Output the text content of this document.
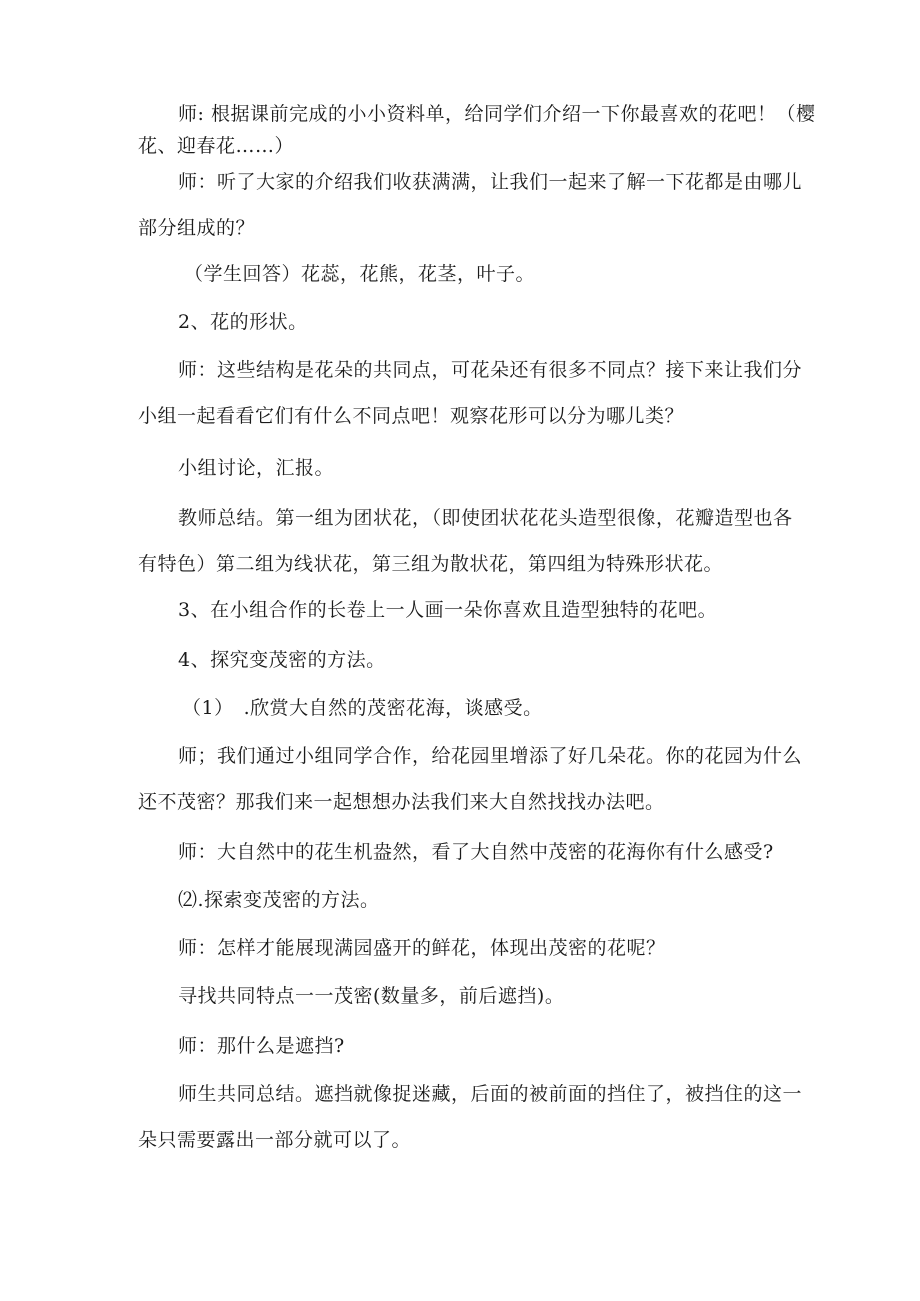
师: 根据课前完成的小小资料单，给同学们介绍一下你最喜欢的花吧！（樱
花、迎春花……）
师：听了大家的介绍我们收获满满，让我们一起来了解一下花都是由哪儿
部分组成的？
（学生回答）花蕊，花熊，花茎，叶子。
2、花的形状。
师：这些结构是花朵的共同点，可花朵还有很多不同点？接下来让我们分
小组一起看看它们有什么不同点吧！观察花形可以分为哪儿类？
小组讨论，汇报。
教师总结。第一组为团状花，（即使团状花花头造型很像，花瓣造型也各
有特色）第二组为线状花，第三组为散状花，第四组为特殊形状花。
3、在小组合作的长卷上一人画一朵你喜欢且造型独特的花吧。
4、探究变茂密的方法。
（1）　.欣赏大自然的茂密花海，谈感受。
师；我们通过小组同学合作，给花园里增添了好几朵花。你的花园为什么
还不茂密？那我们来一起想想办法我们来大自然找找办法吧。
师：大自然中的花生机盎然，看了大自然中茂密的花海你有什么感受?
⑵.探索变茂密的方法。
师：怎样才能展现满园盛开的鲜花，体现出茂密的花呢？
寻找共同特点一一茂密(数量多，前后遮挡)。
师：那什么是遮挡?
师生共同总结。遮挡就像捉迷藏，后面的被前面的挡住了，被挡住的这一
朵只需要露出一部分就可以了。
